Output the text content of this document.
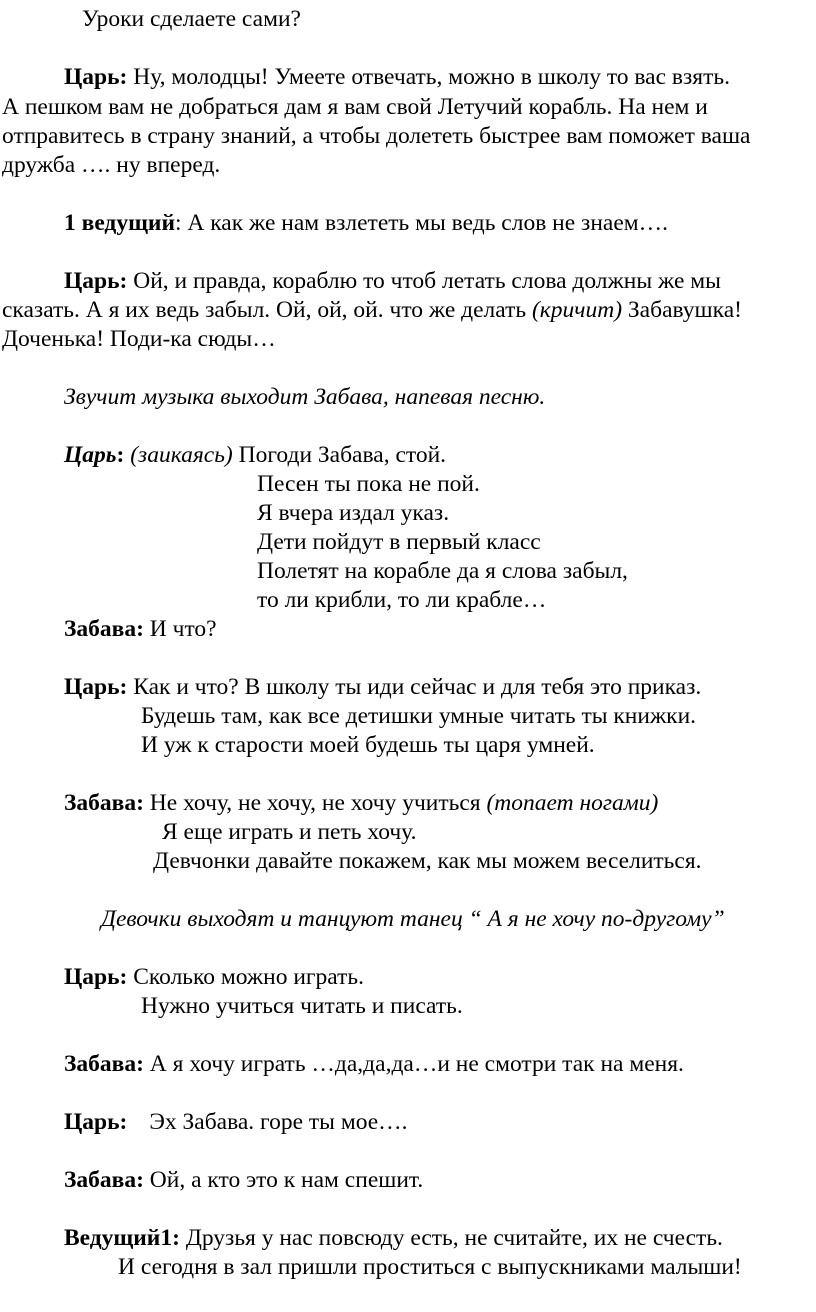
Уроки сделаете сами?
Царь: Ну, молодцы! Умеете отвечать, можно в школу то вас взять.
А пешком вам не добраться дам я вам свой Летучий корабль. На нем и
отправитесь в страну знаний, а чтобы долететь быстрее вам поможет ваша
дружба …. ну вперед.
1 ведущий: А как же нам взлететь мы ведь слов не знаем….
Царь: Ой, и правда, кораблю то чтоб летать слова должны же мы
сказать. А я их ведь забыл. Ой, ой, ой. что же делать (кричит) Забавушка!
Доченька! Поди-ка сюды…
Звучит музыка выходит Забава, напевая песню.
Царь: (заикаясь) Погоди Забава, стой.
Песен ты пока не пой.
Я вчера издал указ.
Дети пойдут в первый класс
Полетят на корабле да я слова забыл,
то ли крибли, то ли крабле…
Забава: И что?
Царь: Как и что? В школу ты иди сейчас и для тебя это приказ.
Будешь там, как все детишки умные читать ты книжки.
И уж к старости моей будешь ты царя умней.
Забава: Не хочу, не хочу, не хочу учиться (топает ногами)
Я еще играть и петь хочу.
Девчонки давайте покажем, как мы можем веселиться.
Девочки выходят и танцуют танец “ А я не хочу по-другому”
Царь: Сколько можно играть.
Нужно учиться читать и писать.
Забава: А я хочу играть …да,да,да…и не смотри так на меня.
Царь: Эх Забава. горе ты мое….
Забава: Ой, а кто это к нам спешит.
Ведущий1: Друзья у нас повсюду есть, не считайте, их не счесть.
И сегодня в зал пришли проститься с выпускниками малыши!
